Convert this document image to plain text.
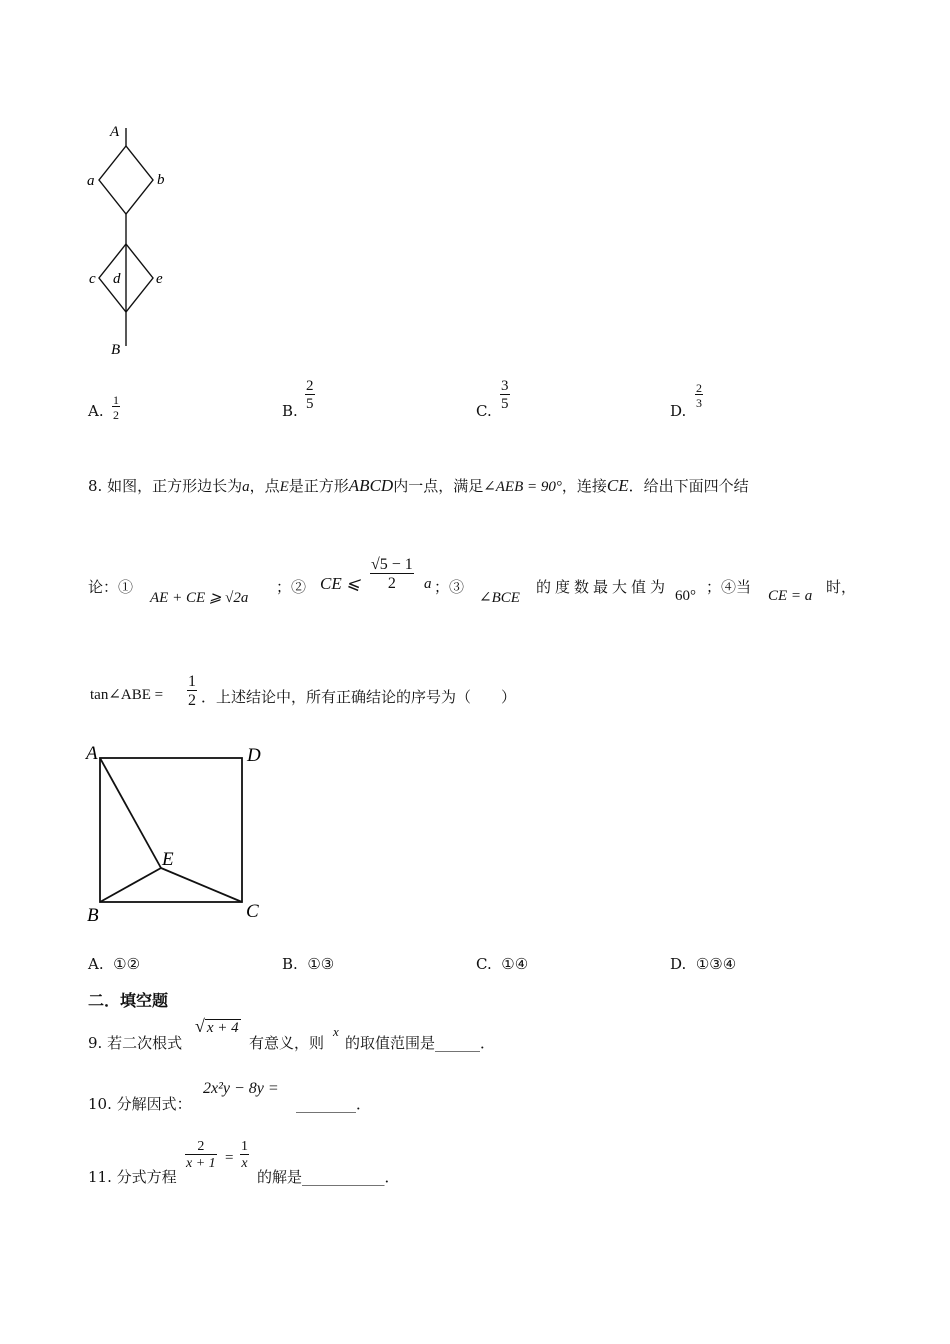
A
a	b
c d e
B
A. $\frac{1}{2}$	B. $\frac{2}{5}$	C. $\frac{3}{5}$	D.
$\frac{2}{3}$
8. 如图，正方形边长为a，点E是正方形ABCD内一点，满足∠AEB = 90°，连接CE．给出下面四个结
论：①
AE + CE ⩾ √2a
；② CE ⩽ $\frac{√5 - 1}{2}$ a ；③
∠BCE
的度数最大值为 60° ；④当 CE = a 时，
tan∠ABE = $\frac{1}{2}$ ．上述结论中，所有正确结论的序号为（　　）
A	D
E
B	C
A. ①②	B. ①③	C. ①④	D. ①③④
二．填空题
9. 若二次根式
√ x + 4
有意义，则
x
的取值范围是______．
10. 分解因式：
2x²y − 8y =
________．
11. 分式方程
$\frac{2}{x + 1} = \frac{1}{x}$
的解是___________．
